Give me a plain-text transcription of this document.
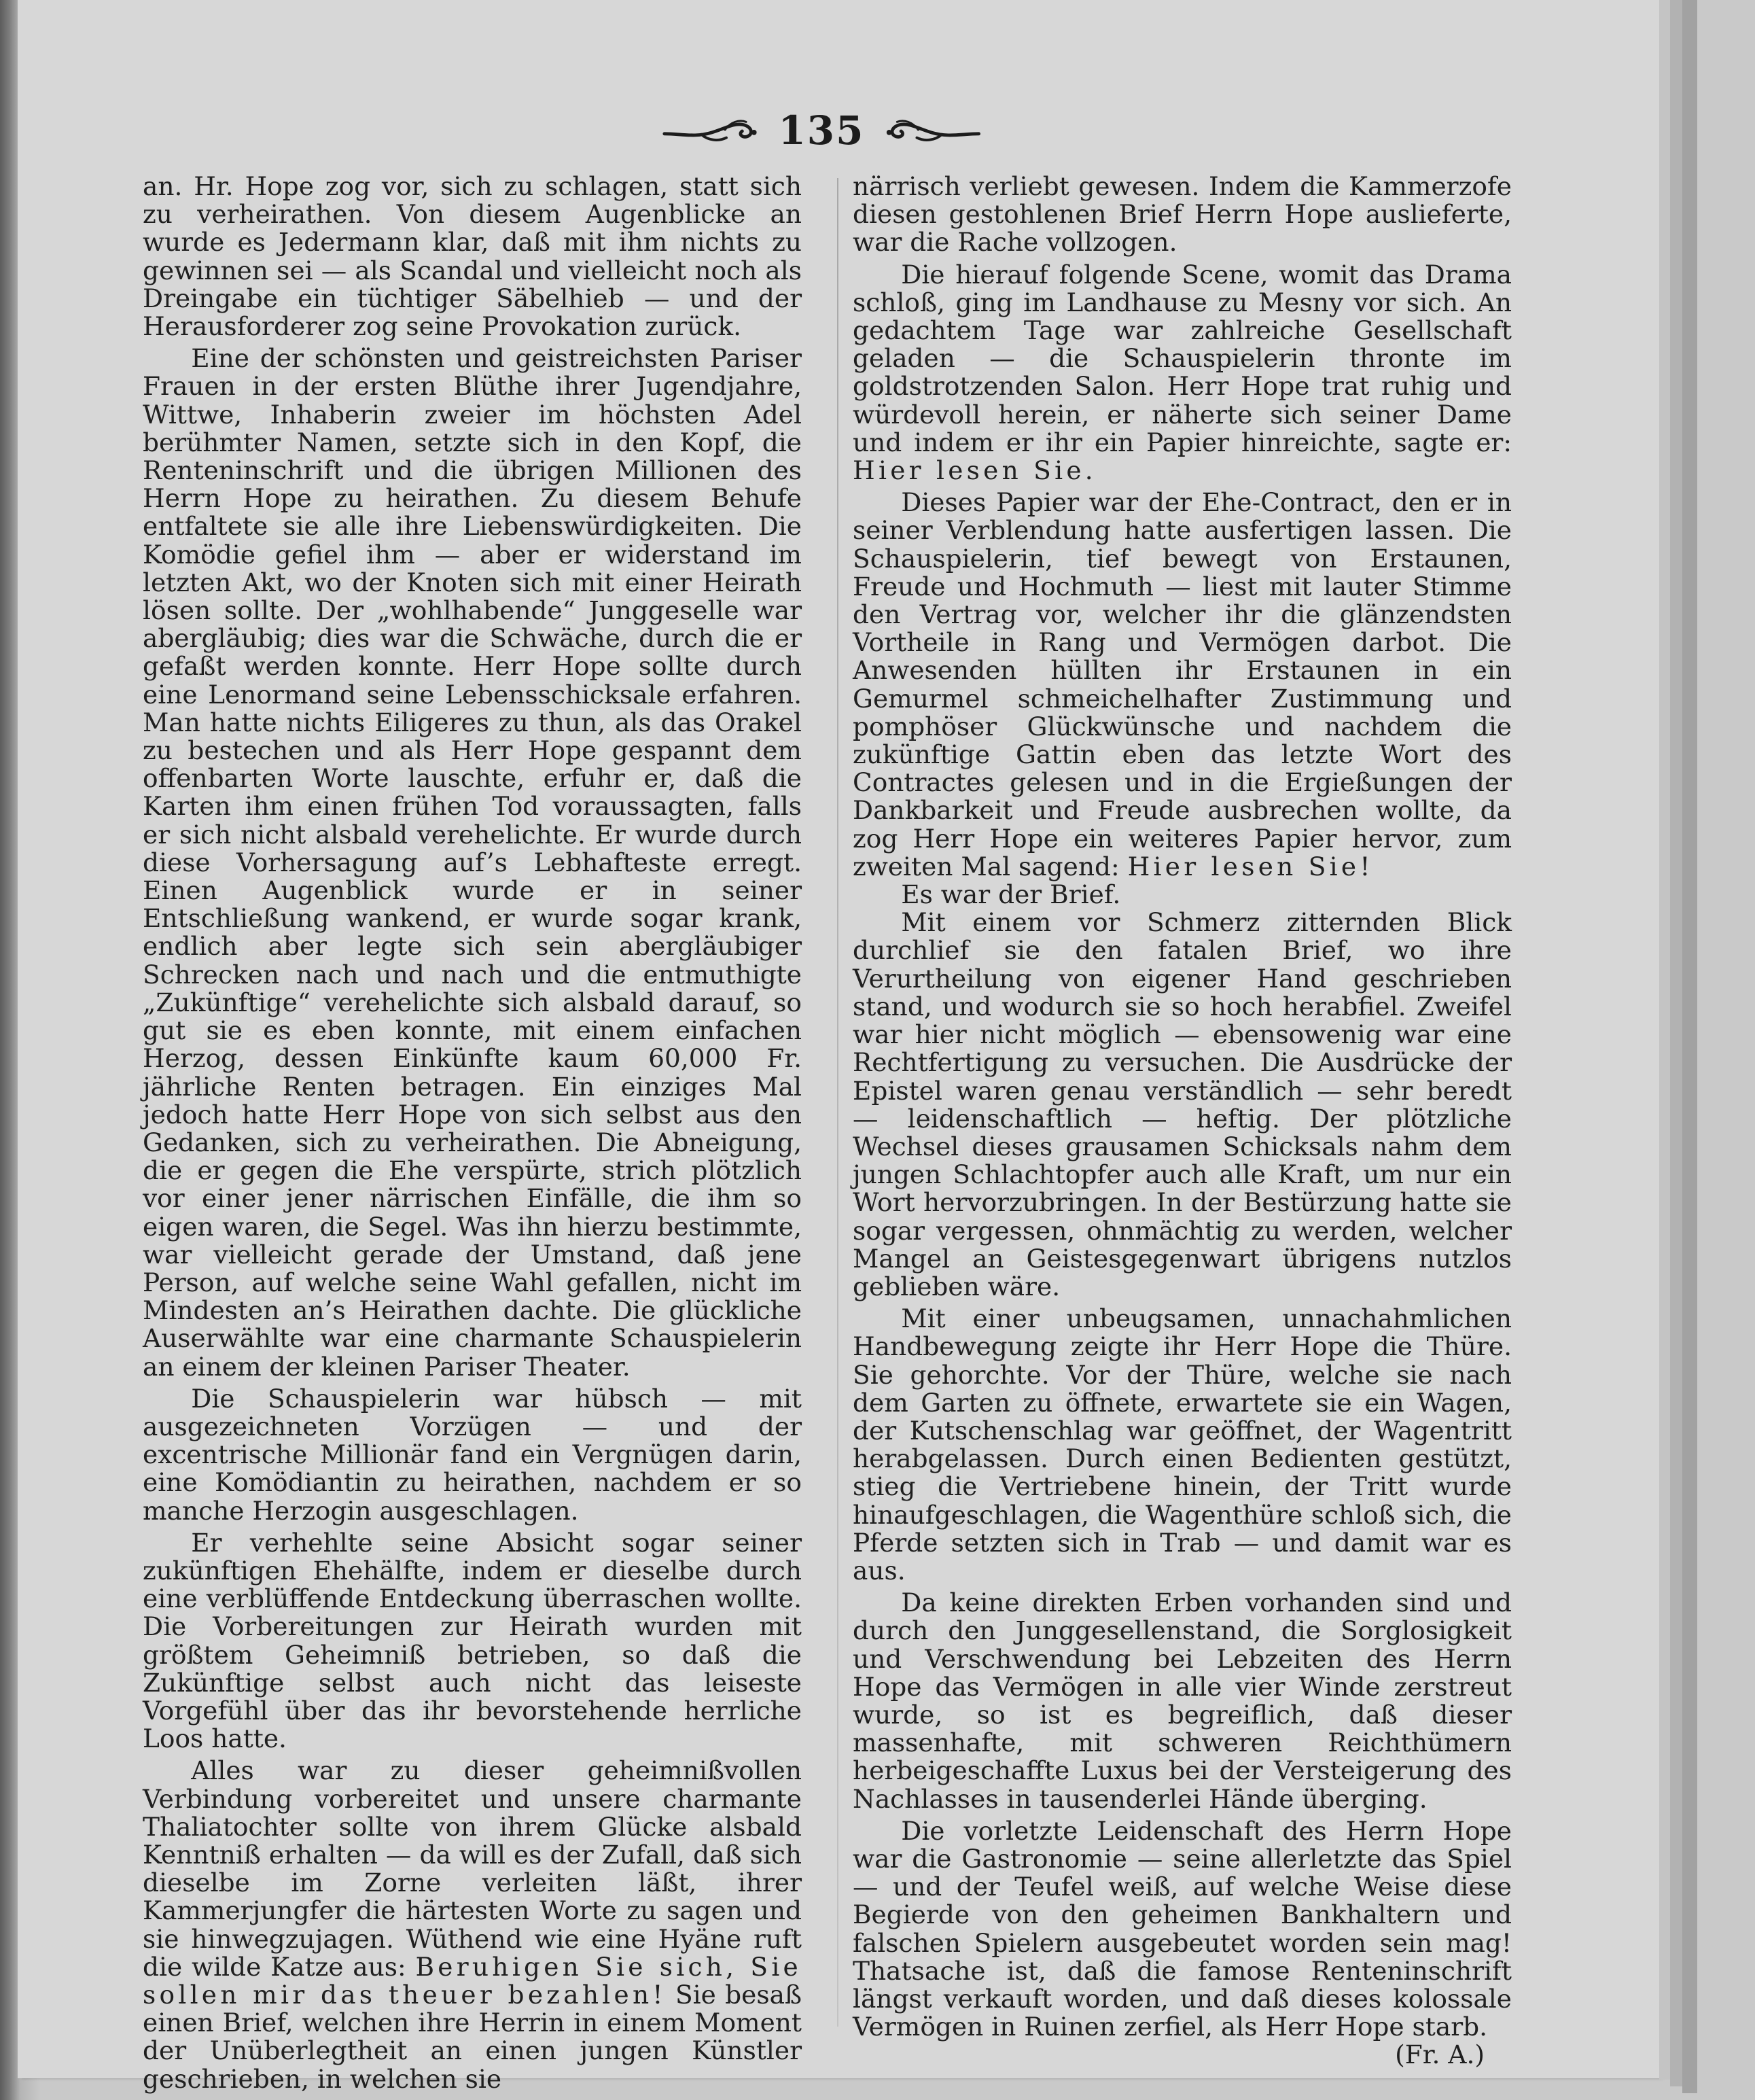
135

an. Hr. Hope zog vor, sich zu schlagen, statt sich zu verheirathen. Von diesem Augenblicke an wurde es Jedermann klar, daß mit ihm nichts zu gewinnen sei — als Scandal und vielleicht noch als Dreingabe ein tüchtiger Säbelhieb — und der Herausforderer zog seine Provokation zurück.

Eine der schönsten und geistreichsten Pariser Frauen in der ersten Blüthe ihrer Jugendjahre, Wittwe, Inhaberin zweier im höchsten Adel berühmter Namen, setzte sich in den Kopf, die Renteninschrift und die übrigen Millionen des Herrn Hope zu heirathen. Zu diesem Behufe entfaltete sie alle ihre Liebenswürdigkeiten. Die Komödie gefiel ihm — aber er widerstand im letzten Akt, wo der Knoten sich mit einer Heirath lösen sollte. Der „wohlhabende“ Junggeselle war abergläubig; dies war die Schwäche, durch die er gefaßt werden konnte. Herr Hope sollte durch eine Lenormand seine Lebensschicksale erfahren. Man hatte nichts Eiligeres zu thun, als das Orakel zu bestechen und als Herr Hope gespannt dem offenbarten Worte lauschte, erfuhr er, daß die Karten ihm einen frühen Tod voraussagten, falls er sich nicht alsbald verehelichte. Er wurde durch diese Vorhersagung auf’s Lebhafteste erregt. Einen Augenblick wurde er in seiner Entschließung wankend, er wurde sogar krank, endlich aber legte sich sein abergläubiger Schrecken nach und nach und die entmuthigte „Zukünftige“ verehelichte sich alsbald darauf, so gut sie es eben konnte, mit einem einfachen Herzog, dessen Einkünfte kaum 60,000 Fr. jährliche Renten betragen. Ein einziges Mal jedoch hatte Herr Hope von sich selbst aus den Gedanken, sich zu verheirathen. Die Abneigung, die er gegen die Ehe verspürte, strich plötzlich vor einer jener närrischen Einfälle, die ihm so eigen waren, die Segel. Was ihn hierzu bestimmte, war vielleicht gerade der Umstand, daß jene Person, auf welche seine Wahl gefallen, nicht im Mindesten an’s Heirathen dachte. Die glückliche Auserwählte war eine charmante Schauspielerin an einem der kleinen Pariser Theater.

Die Schauspielerin war hübsch — mit ausgezeichneten Vorzügen — und der excentrische Millionär fand ein Vergnügen darin, eine Komödiantin zu heirathen, nachdem er so manche Herzogin ausgeschlagen.

Er verhehlte seine Absicht sogar seiner zukünftigen Ehehälfte, indem er dieselbe durch eine verblüffende Entdeckung überraschen wollte. Die Vorbereitungen zur Heirath wurden mit größtem Geheimniß betrieben, so daß die Zukünftige selbst auch nicht das leiseste Vorgefühl über das ihr bevorstehende herrliche Loos hatte.

Alles war zu dieser geheimnißvollen Verbindung vorbereitet und unsere charmante Thaliatochter sollte von ihrem Glücke alsbald Kenntniß erhalten — da will es der Zufall, daß sich dieselbe im Zorne verleiten läßt, ihrer Kammerjungfer die härtesten Worte zu sagen und sie hinwegzujagen. Wüthend wie eine Hyäne ruft die wilde Katze aus: Beruhigen Sie sich, Sie sollen mir das theuer bezahlen! Sie besaß einen Brief, welchen ihre Herrin in einem Moment der Unüberlegtheit an einen jungen Künstler geschrieben, in welchen sie

närrisch verliebt gewesen. Indem die Kammerzofe diesen gestohlenen Brief Herrn Hope auslieferte, war die Rache vollzogen.

Die hierauf folgende Scene, womit das Drama schloß, ging im Landhause zu Mesny vor sich. An gedachtem Tage war zahlreiche Gesellschaft geladen — die Schauspielerin thronte im goldstrotzenden Salon. Herr Hope trat ruhig und würdevoll herein, er näherte sich seiner Dame und indem er ihr ein Papier hinreichte, sagte er: Hier lesen Sie.

Dieses Papier war der Ehe-Contract, den er in seiner Verblendung hatte ausfertigen lassen. Die Schauspielerin, tief bewegt von Erstaunen, Freude und Hochmuth — liest mit lauter Stimme den Vertrag vor, welcher ihr die glänzendsten Vortheile in Rang und Vermögen darbot. Die Anwesenden hüllten ihr Erstaunen in ein Gemurmel schmeichelhafter Zustimmung und pomphöser Glückwünsche und nachdem die zukünftige Gattin eben das letzte Wort des Contractes gelesen und in die Ergießungen der Dankbarkeit und Freude ausbrechen wollte, da zog Herr Hope ein weiteres Papier hervor, zum zweiten Mal sagend: Hier lesen Sie!

Es war der Brief.

Mit einem vor Schmerz zitternden Blick durchlief sie den fatalen Brief, wo ihre Verurtheilung von eigener Hand geschrieben stand, und wodurch sie so hoch herabfiel. Zweifel war hier nicht möglich — ebensowenig war eine Rechtfertigung zu versuchen. Die Ausdrücke der Epistel waren genau verständlich — sehr beredt — leidenschaftlich — heftig. Der plötzliche Wechsel dieses grausamen Schicksals nahm dem jungen Schlachtopfer auch alle Kraft, um nur ein Wort hervorzubringen. In der Bestürzung hatte sie sogar vergessen, ohnmächtig zu werden, welcher Mangel an Geistesgegenwart übrigens nutzlos geblieben wäre.

Mit einer unbeugsamen, unnachahmlichen Handbewegung zeigte ihr Herr Hope die Thüre. Sie gehorchte. Vor der Thüre, welche sie nach dem Garten zu öffnete, erwartete sie ein Wagen, der Kutschenschlag war geöffnet, der Wagentritt herabgelassen. Durch einen Bedienten gestützt, stieg die Vertriebene hinein, der Tritt wurde hinaufgeschlagen, die Wagenthüre schloß sich, die Pferde setzten sich in Trab — und damit war es aus.

Da keine direkten Erben vorhanden sind und durch den Junggesellenstand, die Sorglosigkeit und Verschwendung bei Lebzeiten des Herrn Hope das Vermögen in alle vier Winde zerstreut wurde, so ist es begreiflich, daß dieser massenhafte, mit schweren Reichthümern herbeigeschaffte Luxus bei der Versteigerung des Nachlasses in tausenderlei Hände überging.

Die vorletzte Leidenschaft des Herrn Hope war die Gastronomie — seine allerletzte das Spiel — und der Teufel weiß, auf welche Weise diese Begierde von den geheimen Bankhaltern und falschen Spielern ausgebeutet worden sein mag! Thatsache ist, daß die famose Renteninschrift längst verkauft worden, und daß dieses kolossale Vermögen in Ruinen zerfiel, als Herr Hope starb.

(Fr. A.)
